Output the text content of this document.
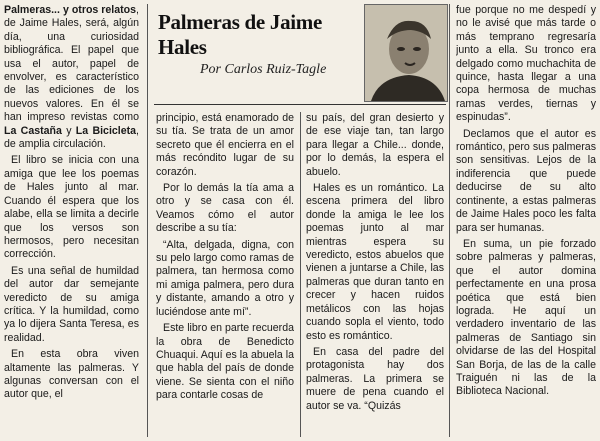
Palmeras de Jaime Hales
Por Carlos Ruiz-Tagle

Palmeras... y otros relatos, de Jaime Hales, será, algún día, una curiosidad bibliográfica. El papel que usa el autor, papel de envolver, es característico de las ediciones de los nuevos valores. En él se han impreso revistas como La Castaña y La Bicicleta, de amplia circulación.

El libro se inicia con una amiga que lee los poemas de Hales junto al mar. Cuando él espera que los alabe, ella se limita a decirle que los versos son hermosos, pero necesitan corrección.

Es una señal de humildad del autor dar semejante veredicto de su amiga crítica. Y la humildad, como ya lo dijera Santa Teresa, es realidad.

En esta obra viven altamente las palmeras. Y algunas conversan con el autor que, el

principio, está enamorado de su tía. Se trata de un amor secreto que él encierra en el más recóndito lugar de su corazón.

Por lo demás la tía ama a otro y se casa con él. Veamos cómo el autor describe a su tía:

“Alta, delgada, digna, con su pelo largo como ramas de palmera, tan hermosa como mi amiga palmera, pero dura y distante, amando a otro y luciéndose ante mí”.

Este libro en parte recuerda la obra de Benedicto Chuaqui. Aquí es la abuela la que habla del país de donde viene. Se sienta con el niño para contarle cosas de

su país, del gran desierto y de ese viaje tan, tan largo para llegar a Chile... donde, por lo demás, la espera el abuelo.

Hales es un romántico. La escena primera del libro donde la amiga le lee los poemas junto al mar mientras espera su veredicto, estos abuelos que vienen a juntarse a Chile, las palmeras que duran tanto en crecer y hacen ruidos metálicos con las hojas cuando sopla el viento, todo esto es romántico.

En casa del padre del protagonista hay dos palmeras. La primera se muere de pena cuando el autor se va. “Quizás

fue porque no me despedí y no le avisé que más tarde o más temprano regresaría junto a ella. Su tronco era delgado como muchachita de quince, hasta llegar a una copa hermosa de muchas ramas verdes, tiernas y espinudas”.

Declamos que el autor es romántico, pero sus palmeras son sensitivas. Lejos de la indiferencia que puede deducirse de su alto continente, a estas palmeras de Jaime Hales poco les falta para ser humanas.

En suma, un pie forzado sobre palmeras y palmeras, que el autor domina perfectamente en una prosa poética que está bien lograda. He aquí un verdadero inventario de las palmeras de Santiago sin olvidarse de las del Hospital San Borja, de las de la calle Traiguén ni las de la Biblioteca Nacional.
